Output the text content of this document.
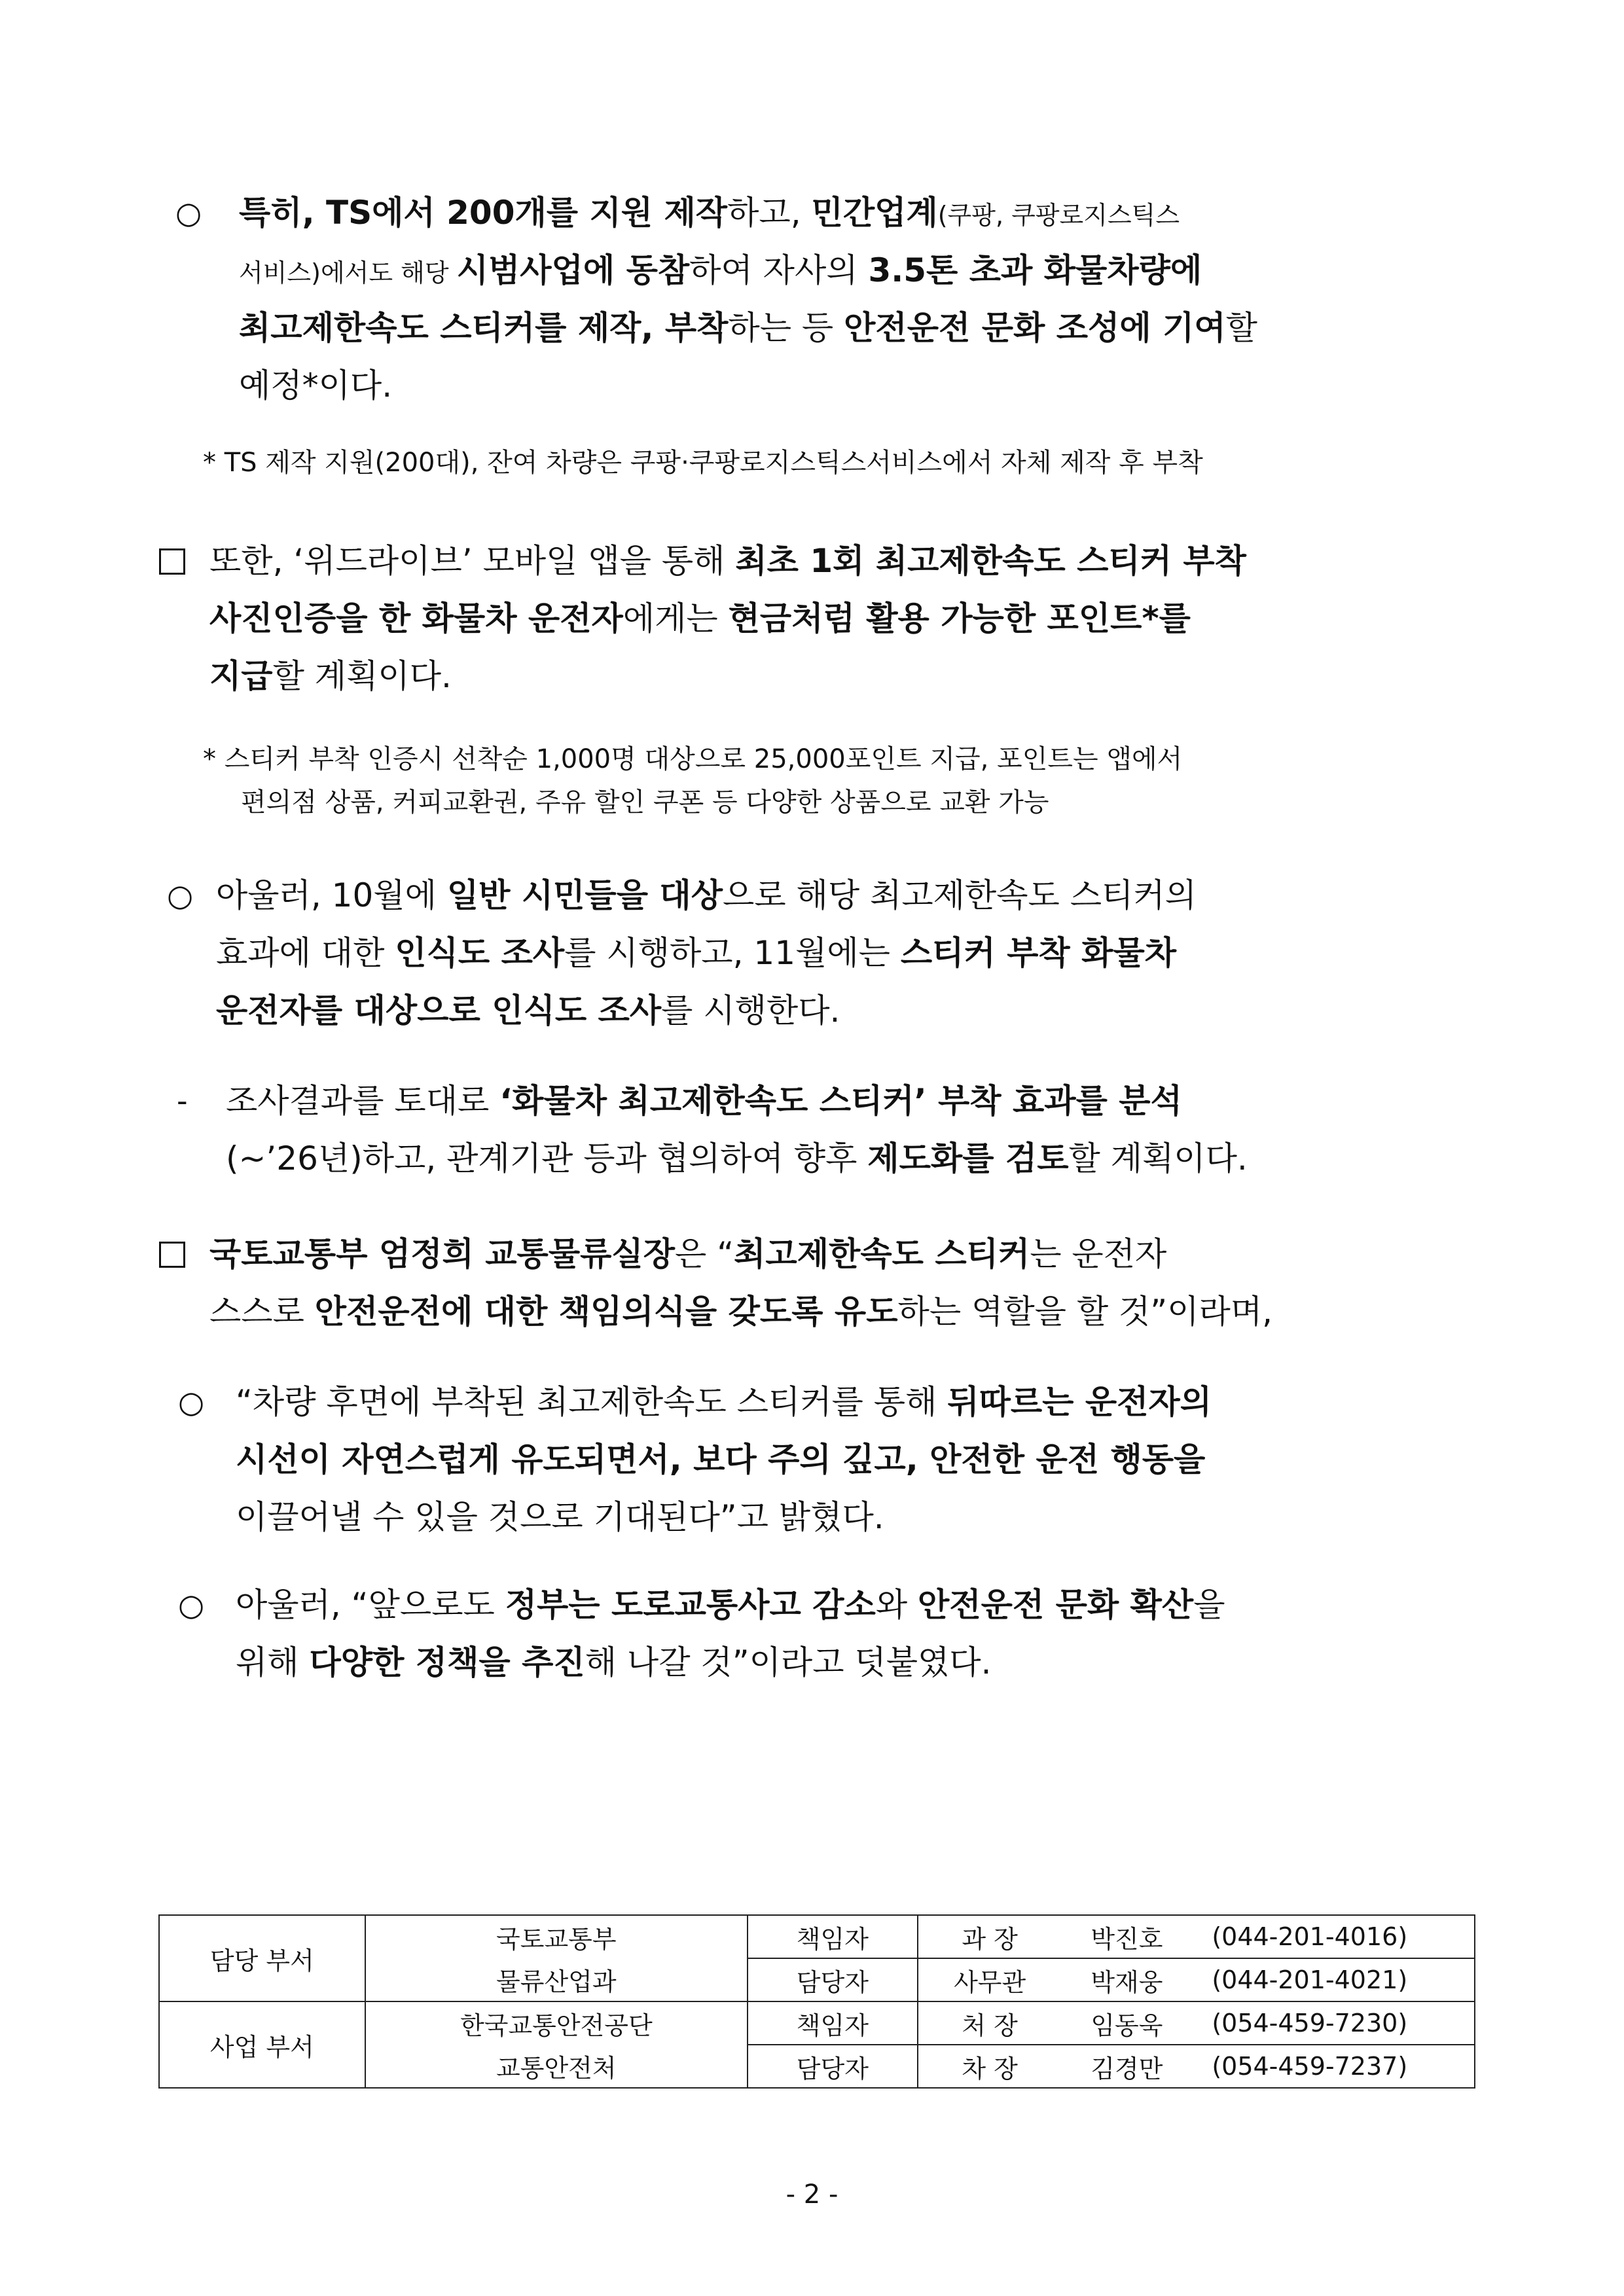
○ 특히, TS에서 200개를 지원 제작하고, 민간업계(쿠팡, 쿠팡로지스틱스
서비스)에서도 해당 시범사업에 동참하여 자사의 3.5톤 초과 화물차량에
최고제한속도 스티커를 제작, 부착하는 등 안전운전 문화 조성에 기여할
예정*이다.
* TS 제작 지원(200대), 잔여 차량은 쿠팡·쿠팡로지스틱스서비스에서 자체 제작 후 부착
또한, ‘위드라이브’ 모바일 앱을 통해 최초 1회 최고제한속도 스티커 부착
사진인증을 한 화물차 운전자에게는 현금처럼 활용 가능한 포인트*를
지급할 계획이다.
* 스티커 부착 인증시 선착순 1,000명 대상으로 25,000포인트 지급, 포인트는 앱에서
편의점 상품, 커피교환권, 주유 할인 쿠폰 등 다양한 상품으로 교환 가능
○ 아울러, 10월에 일반 시민들을 대상으로 해당 최고제한속도 스티커의
효과에 대한 인식도 조사를 시행하고, 11월에는 스티커 부착 화물차
운전자를 대상으로 인식도 조사를 시행한다.
- 조사결과를 토대로 ‘화물차 최고제한속도 스티커’ 부착 효과를 분석
(~’26년)하고, 관계기관 등과 협의하여 향후 제도화를 검토할 계획이다.
국토교통부 엄정희 교통물류실장은 “최고제한속도 스티커는 운전자
스스로 안전운전에 대한 책임의식을 갖도록 유도하는 역할을 할 것”이라며,
○ “차량 후면에 부착된 최고제한속도 스티커를 통해 뒤따르는 운전자의
시선이 자연스럽게 유도되면서, 보다 주의 깊고, 안전한 운전 행동을
이끌어낼 수 있을 것으로 기대된다”고 밝혔다.
○ 아울러, “앞으로도 정부는 도로교통사고 감소와 안전운전 문화 확산을
위해 다양한 정책을 추진해 나갈 것”이라고 덧붙였다.
담당 부서	국토교통부	책임자	과 장	박진호	(044-201-4016)
	물류산업과	담당자	사무관	박재웅	(044-201-4021)
사업 부서	한국교통안전공단	책임자	처 장	임동욱	(054-459-7230)
	교통안전처	담당자	차 장	김경만	(054-459-7237)
- 2 -
